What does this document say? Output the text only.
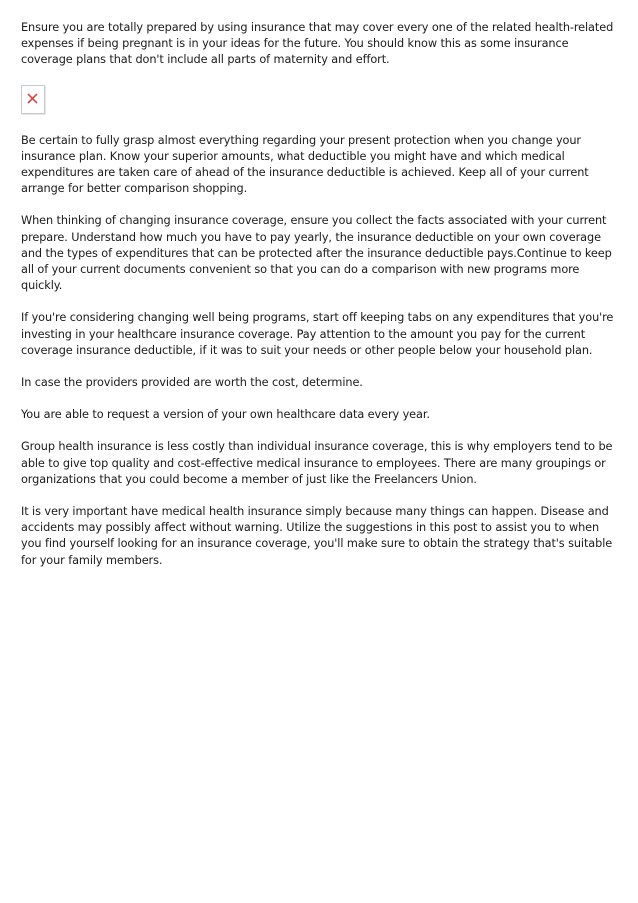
Ensure you are totally prepared by using insurance that may cover every one of the related health-related expenses if being pregnant is in your ideas for the future. You should know this as some insurance coverage plans that don't include all parts of maternity and effort.

Be certain to fully grasp almost everything regarding your present protection when you change your insurance plan. Know your superior amounts, what deductible you might have and which medical expenditures are taken care of ahead of the insurance deductible is achieved. Keep all of your current arrange for better comparison shopping.

When thinking of changing insurance coverage, ensure you collect the facts associated with your current prepare. Understand how much you have to pay yearly, the insurance deductible on your own coverage and the types of expenditures that can be protected after the insurance deductible pays.Continue to keep all of your current documents convenient so that you can do a comparison with new programs more quickly.

If you're considering changing well being programs, start off keeping tabs on any expenditures that you're investing in your healthcare insurance coverage. Pay attention to the amount you pay for the current coverage insurance deductible, if it was to suit your needs or other people below your household plan.

In case the providers provided are worth the cost, determine.

You are able to request a version of your own healthcare data every year.

Group health insurance is less costly than individual insurance coverage, this is why employers tend to be able to give top quality and cost-effective medical insurance to employees. There are many groupings or organizations that you could become a member of just like the Freelancers Union.

It is very important have medical health insurance simply because many things can happen. Disease and accidents may possibly affect without warning. Utilize the suggestions in this post to assist you to when you find yourself looking for an insurance coverage, you'll make sure to obtain the strategy that's suitable for your family members.
